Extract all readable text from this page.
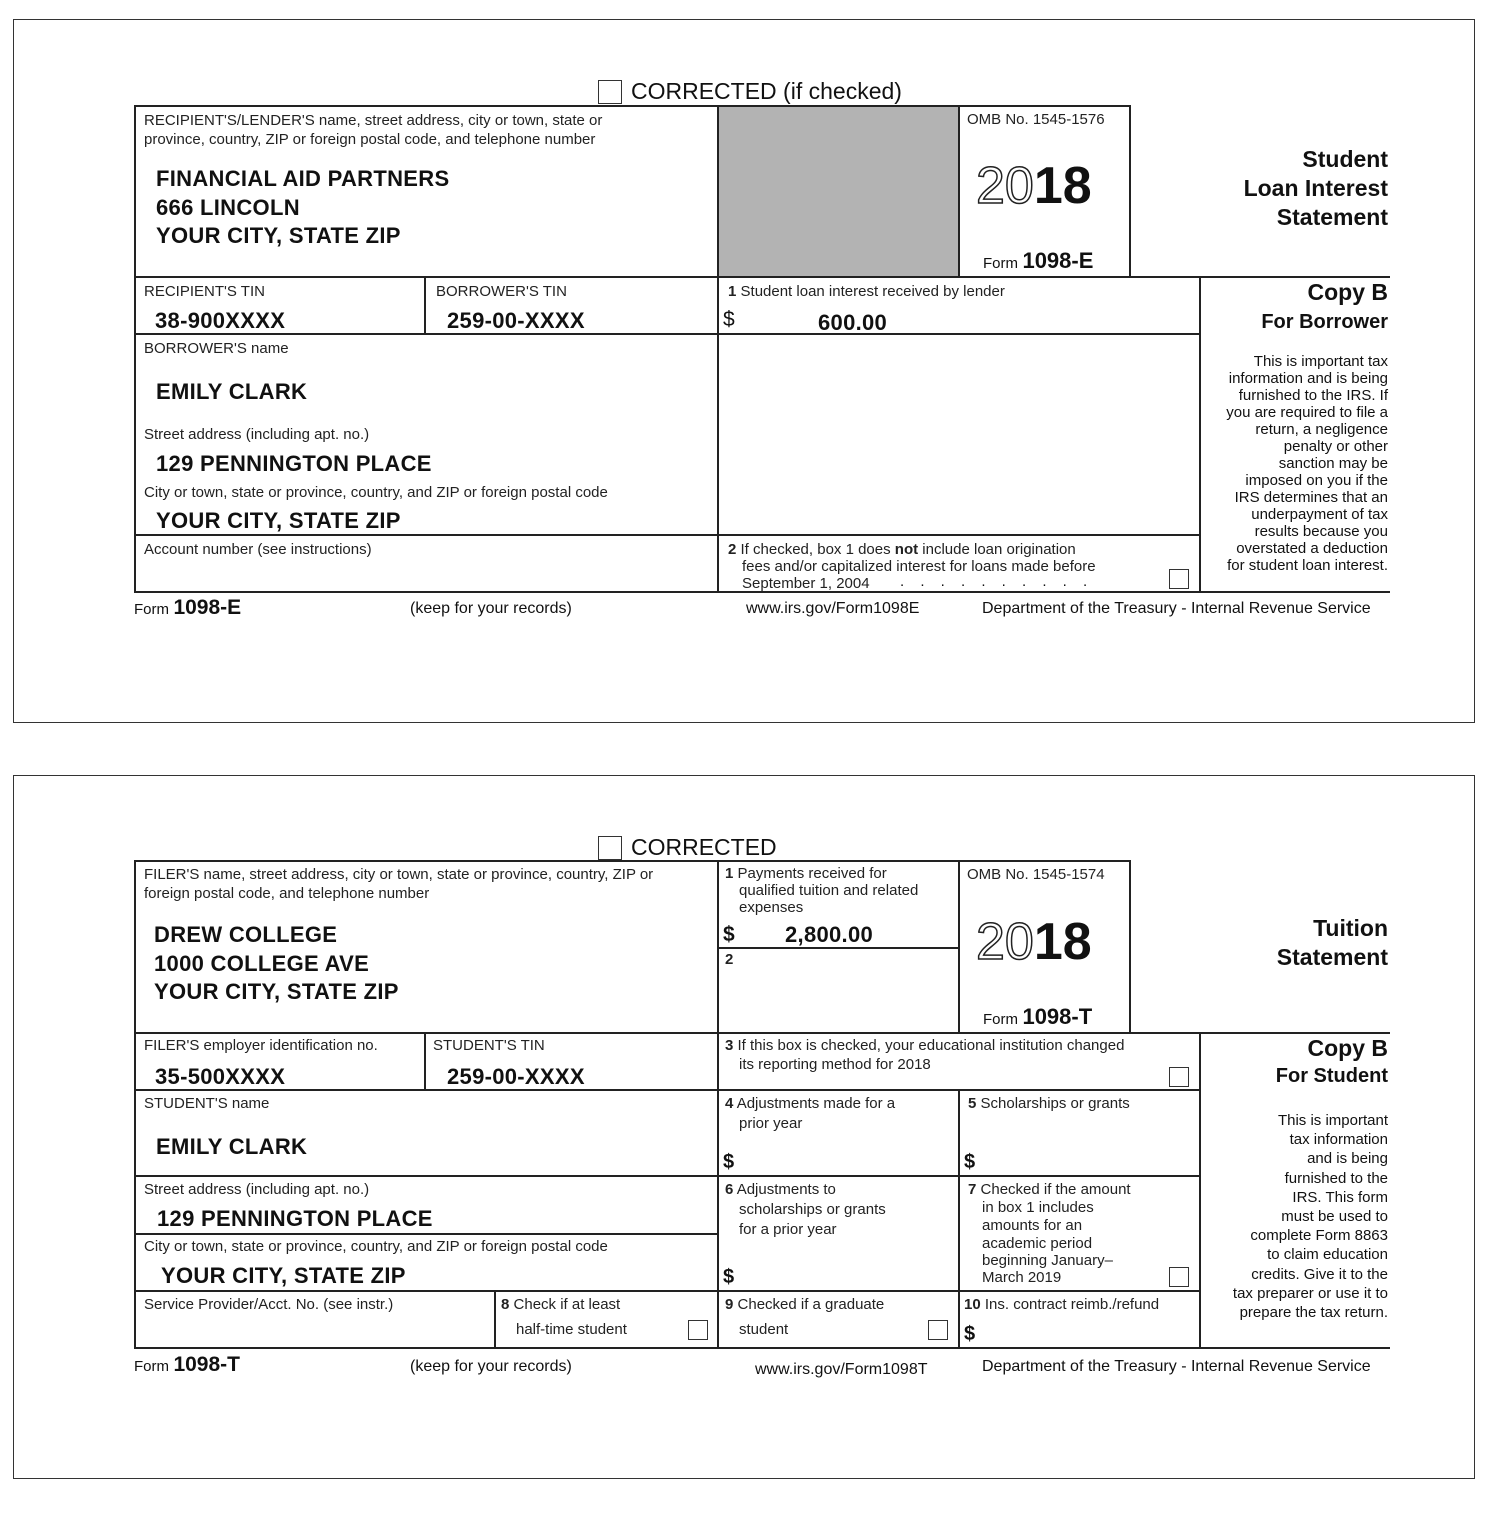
CORRECTED (if checked)
RECIPIENT'S/LENDER'S name, street address, city or town, state or
province, country, ZIP or foreign postal code, and telephone number
FINANCIAL AID PARTNERS
666 LINCOLN
YOUR CITY, STATE ZIP
OMB No. 1545-1576
2018
Form 1098-E
Student
Loan Interest
Statement
RECIPIENT'S TIN
38-900XXXX
BORROWER'S TIN
259-00-XXXX
1 Student loan interest received by lender
$	600.00
Copy B
For Borrower
BORROWER'S name
EMILY CLARK
Street address (including apt. no.)
129 PENNINGTON PLACE
City or town, state or province, country, and ZIP or foreign postal code
YOUR CITY, STATE ZIP
This is important tax
information and is being
furnished to the IRS. If
you are required to file a
return, a negligence
penalty or other
sanction may be
imposed on you if the
IRS determines that an
underpayment of tax
results because you
overstated a deduction
for student loan interest.
Account number (see instructions)	2 If checked, box 1 does not include loan origination
fees and/or capitalized interest for loans made before
September 1, 2004 . . . . . . . . . .
Form 1098-E	(keep for your records)	www.irs.gov/Form1098E	Department of the Treasury - Internal Revenue Service
CORRECTED
FILER'S name, street address, city or town, state or province, country, ZIP or
foreign postal code, and telephone number
DREW COLLEGE
1000 COLLEGE AVE
YOUR CITY, STATE ZIP
1 Payments received for
qualified tuition and related
expenses
$ 2,800.00
2
OMB No. 1545-1574
2018
Form 1098-T
Tuition
Statement
FILER'S employer identification no.
35-500XXXX
STUDENT'S TIN
259-00-XXXX
3 If this box is checked, your educational institution changed
its reporting method for 2018
Copy B
For Student
STUDENT'S name
EMILY CLARK
4 Adjustments made for a
prior year
$
5 Scholarships or grants
$
Street address (including apt. no.)
129 PENNINGTON PLACE
City or town, state or province, country, and ZIP or foreign postal code
YOUR CITY, STATE ZIP
6 Adjustments to
scholarships or grants
for a prior year
$
7 Checked if the amount
in box 1 includes
amounts for an
academic period
beginning January–
March 2019
Service Provider/Acct. No. (see instr.)	8 Check if at least
half-time student
9 Checked if a graduate
student
10 Ins. contract reimb./refund
$
This is important
tax information
and is being
furnished to the
IRS. This form
must be used to
complete Form 8863
to claim education
credits. Give it to the
tax preparer or use it to
prepare the tax return.
Form 1098-T	(keep for your records)	www.irs.gov/Form1098T	Department of the Treasury - Internal Revenue Service
